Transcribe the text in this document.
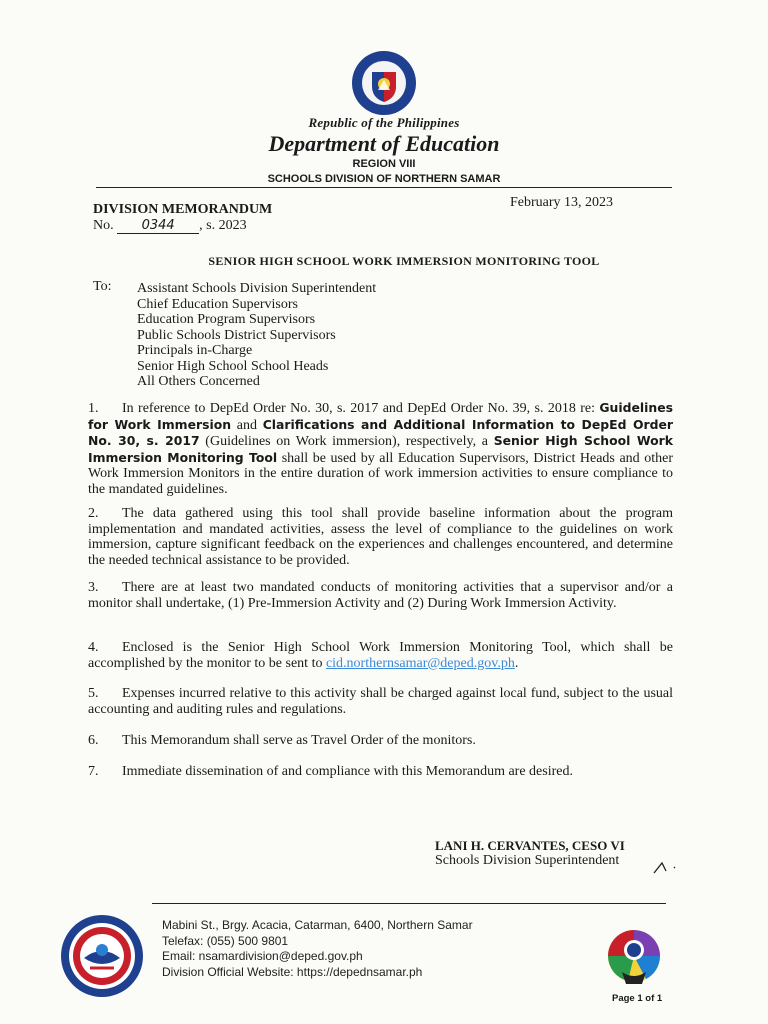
Republic of the Philippines
Department of Education
REGION VIII
SCHOOLS DIVISION OF NORTHERN SAMAR
DIVISION MEMORANDUM	February 13, 2023
No. 0344 , s. 2023
SENIOR HIGH SCHOOL WORK IMMERSION MONITORING TOOL
To: Assistant Schools Division Superintendent
Chief Education Supervisors
Education Program Supervisors
Public Schools District Supervisors
Principals in-Charge
Senior High School School Heads
All Others Concerned
1. In reference to DepEd Order No. 30, s. 2017 and DepEd Order No. 39, s. 2018 re: Guidelines for Work Immersion and Clarifications and Additional Information to DepEd Order No. 30, s. 2017 (Guidelines on Work immersion), respectively, a Senior High School Work Immersion Monitoring Tool shall be used by all Education Supervisors, District Heads and other Work Immersion Monitors in the entire duration of work immersion activities to ensure compliance to the mandated guidelines.
2. The data gathered using this tool shall provide baseline information about the program implementation and mandated activities, assess the level of compliance to the guidelines on work immersion, capture significant feedback on the experiences and challenges encountered, and determine the needed technical assistance to be provided.
3. There are at least two mandated conducts of monitoring activities that a supervisor and/or a monitor shall undertake, (1) Pre-Immersion Activity and (2) During Work Immersion Activity.
4. Enclosed is the Senior High School Work Immersion Monitoring Tool, which shall be accomplished by the monitor to be sent to cid.northernsamar@deped.gov.ph.
5. Expenses incurred relative to this activity shall be charged against local fund, subject to the usual accounting and auditing rules and regulations.
6. This Memorandum shall serve as Travel Order of the monitors.
7. Immediate dissemination of and compliance with this Memorandum are desired.
LANI H. CERVANTES, CESO VI
Schools Division Superintendent
Mabini St., Brgy. Acacia, Catarman, 6400, Northern Samar
Telefax: (055) 500 9801
Email: nsamardivision@deped.gov.ph
Division Official Website: https://depednsamar.ph
Page 1 of 1
